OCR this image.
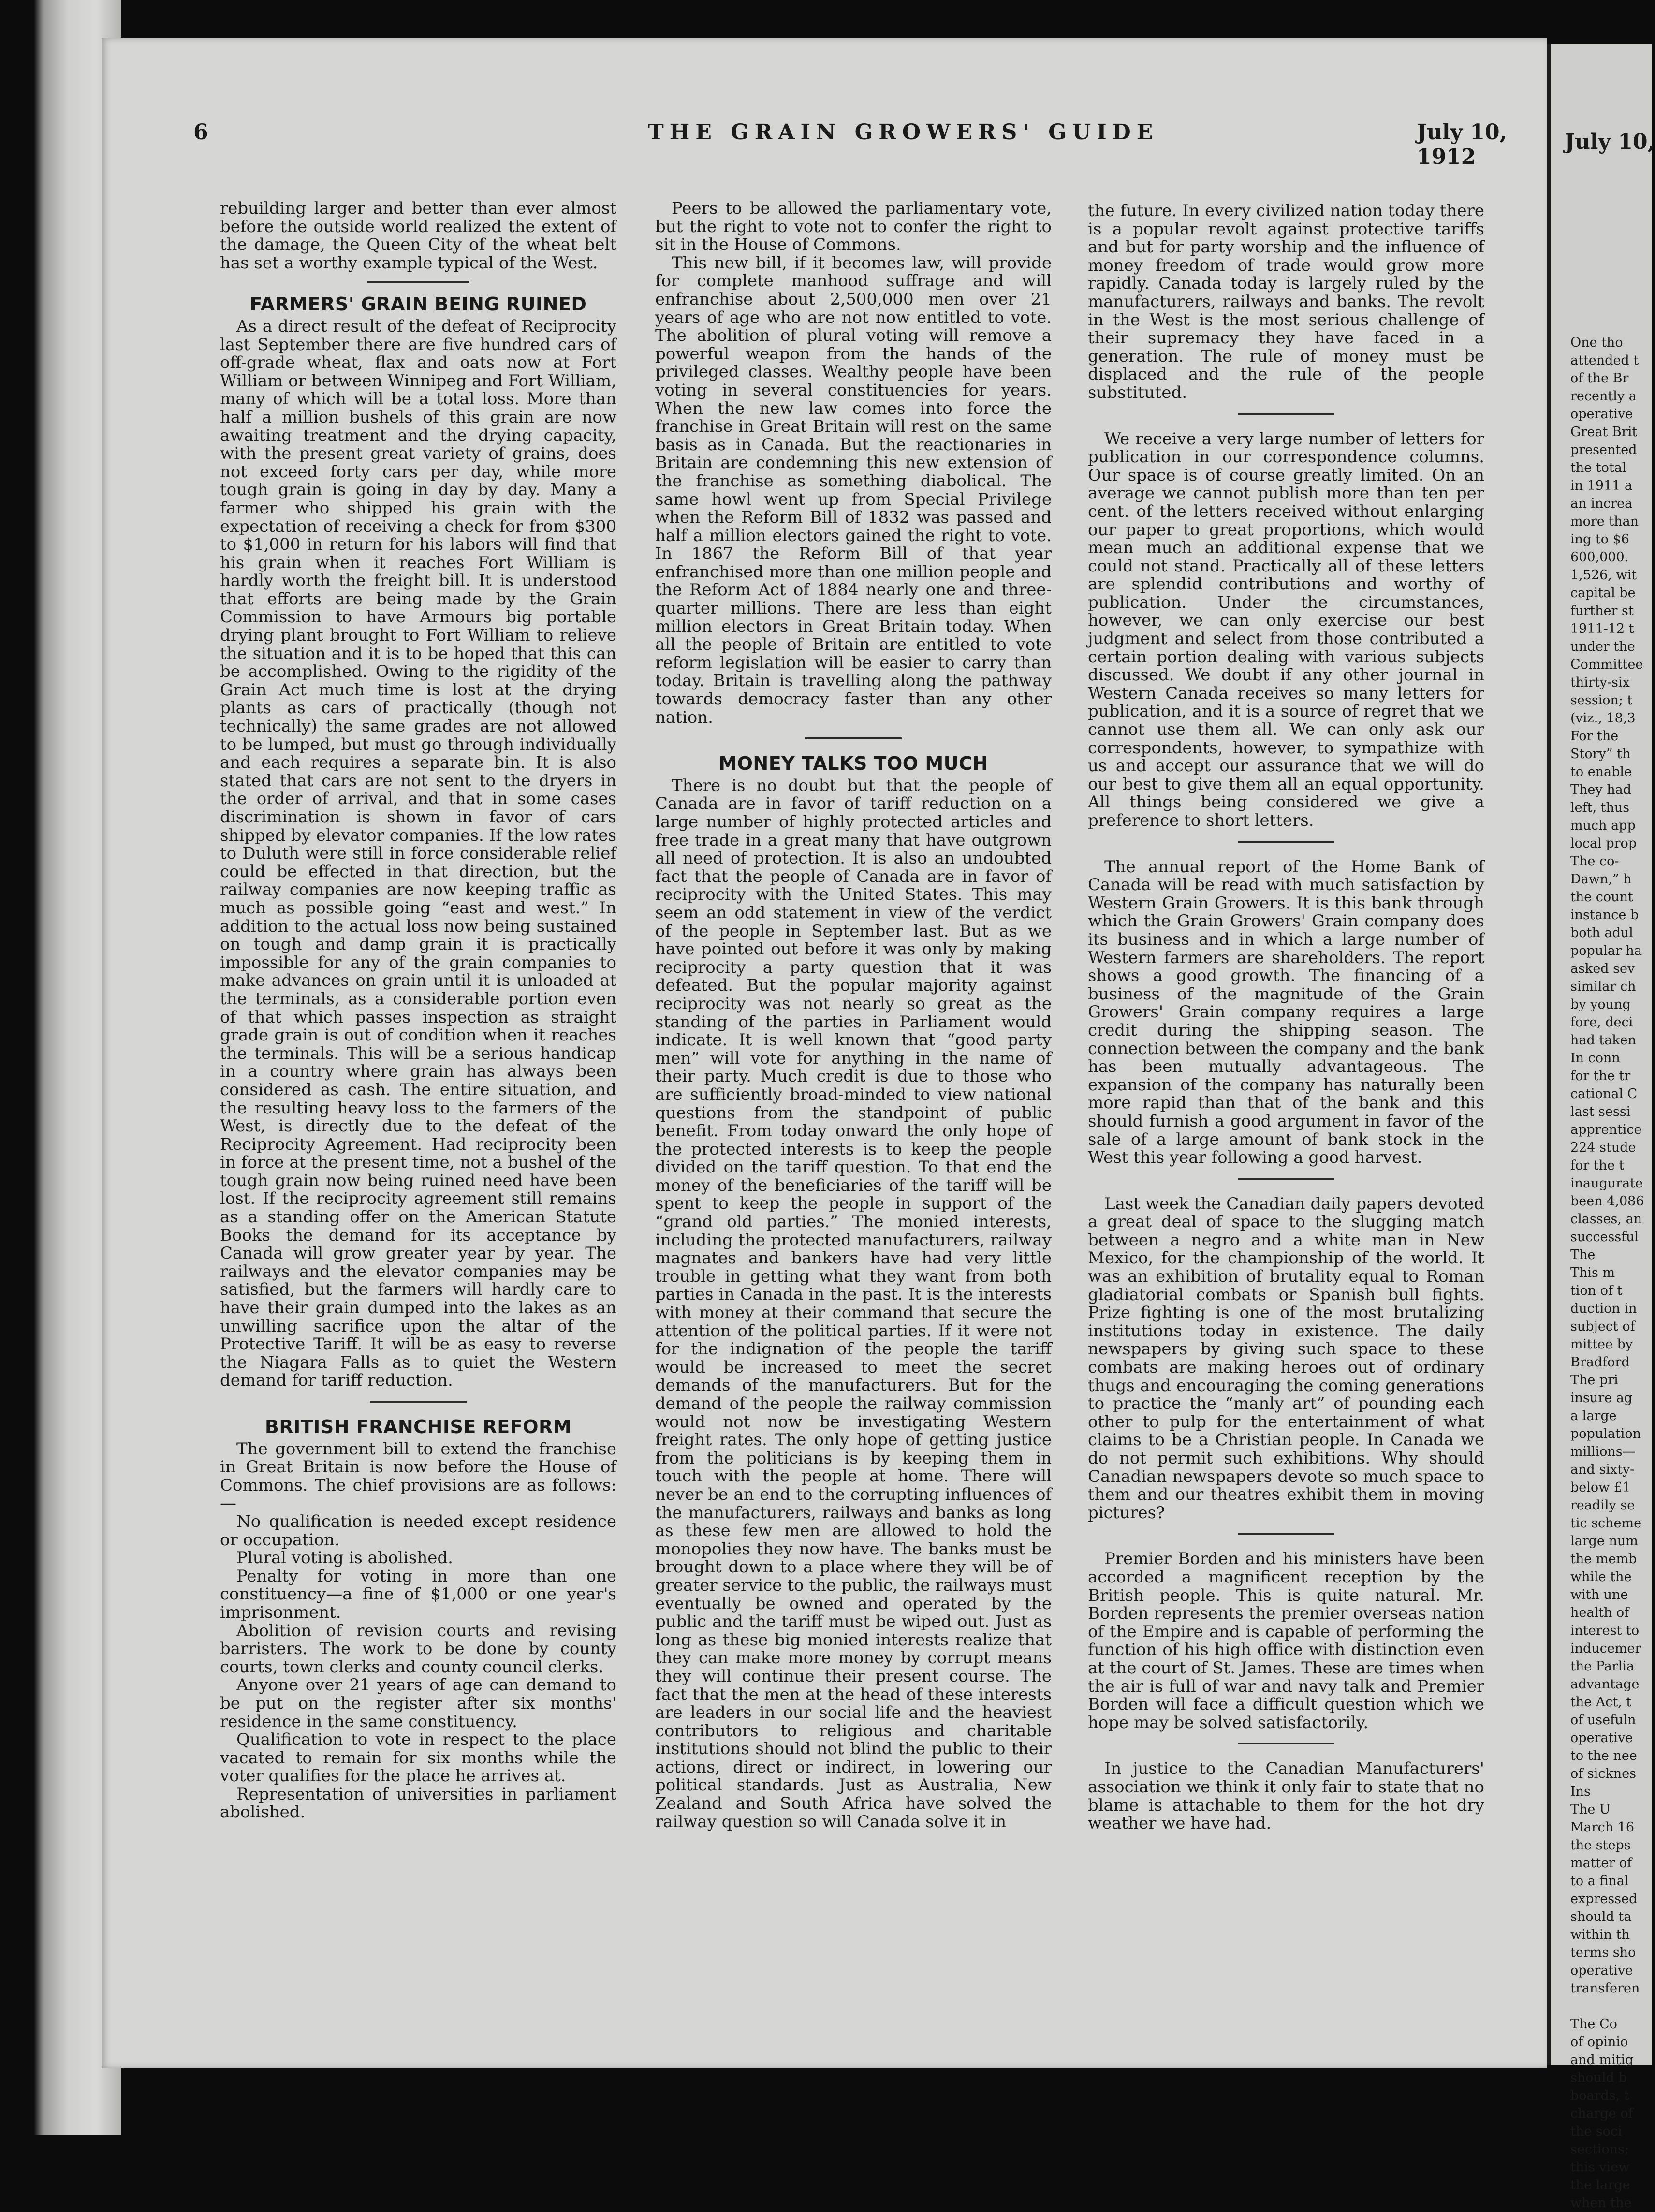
6	THE GRAIN GROWERS' GUIDE	July 10, 1912

rebuilding larger and better than ever almost before the outside world realized the extent of the damage, the Queen City of the wheat belt has set a worthy example typical of the West.

FARMERS' GRAIN BEING RUINED

As a direct result of the defeat of Reciprocity last September there are five hundred cars of off-grade wheat, flax and oats now at Fort William or between Winnipeg and Fort William, many of which will be a total loss. More than half a million bushels of this grain are now awaiting treatment and the drying capacity, with the present great variety of grains, does not exceed forty cars per day, while more tough grain is going in day by day. Many a farmer who shipped his grain with the expectation of receiving a check for from $300 to $1,000 in return for his labors will find that his grain when it reaches Fort William is hardly worth the freight bill. It is understood that efforts are being made by the Grain Commission to have Armours big portable drying plant brought to Fort William to relieve the situation and it is to be hoped that this can be accomplished. Owing to the rigidity of the Grain Act much time is lost at the drying plants as cars of practically (though not technically) the same grades are not allowed to be lumped, but must go through individually and each requires a separate bin. It is also stated that cars are not sent to the dryers in the order of arrival, and that in some cases discrimination is shown in favor of cars shipped by elevator companies. If the low rates to Duluth were still in force considerable relief could be effected in that direction, but the railway companies are now keeping traffic as much as possible going “east and west.” In addition to the actual loss now being sustained on tough and damp grain it is practically impossible for any of the grain companies to make advances on grain until it is unloaded at the terminals, as a considerable portion even of that which passes inspection as straight grade grain is out of condition when it reaches the terminals. This will be a serious handicap in a country where grain has always been considered as cash. The entire situation, and the resulting heavy loss to the farmers of the West, is directly due to the defeat of the Reciprocity Agreement. Had reciprocity been in force at the present time, not a bushel of the tough grain now being ruined need have been lost. If the reciprocity agreement still remains as a standing offer on the American Statute Books the demand for its acceptance by Canada will grow greater year by year. The railways and the elevator companies may be satisfied, but the farmers will hardly care to have their grain dumped into the lakes as an unwilling sacrifice upon the altar of the Protective Tariff. It will be as easy to reverse the Niagara Falls as to quiet the Western demand for tariff reduction.

BRITISH FRANCHISE REFORM

The government bill to extend the franchise in Great Britain is now before the House of Commons. The chief provisions are as follows:—

No qualification is needed except residence or occupation.

Plural voting is abolished.

Penalty for voting in more than one constituency—a fine of $1,000 or one year's imprisonment.

Abolition of revision courts and revising barristers. The work to be done by county courts, town clerks and county council clerks.

Anyone over 21 years of age can demand to be put on the register after six months' residence in the same constituency.

Qualification to vote in respect to the place vacated to remain for six months while the voter qualifies for the place he arrives at.

Representation of universities in parliament abolished.

Peers to be allowed the parliamentary vote, but the right to vote not to confer the right to sit in the House of Commons.

This new bill, if it becomes law, will provide for complete manhood suffrage and will enfranchise about 2,500,000 men over 21 years of age who are not now entitled to vote. The abolition of plural voting will remove a powerful weapon from the hands of the privileged classes. Wealthy people have been voting in several constituencies for years. When the new law comes into force the franchise in Great Britain will rest on the same basis as in Canada. But the reactionaries in Britain are condemning this new extension of the franchise as something diabolical. The same howl went up from Special Privilege when the Reform Bill of 1832 was passed and half a million electors gained the right to vote. In 1867 the Reform Bill of that year enfranchised more than one million people and the Reform Act of 1884 nearly one and three-quarter millions. There are less than eight million electors in Great Britain today. When all the people of Britain are entitled to vote reform legislation will be easier to carry than today. Britain is travelling along the pathway towards democracy faster than any other nation.

MONEY TALKS TOO MUCH

There is no doubt but that the people of Canada are in favor of tariff reduction on a large number of highly protected articles and free trade in a great many that have outgrown all need of protection. It is also an undoubted fact that the people of Canada are in favor of reciprocity with the United States. This may seem an odd statement in view of the verdict of the people in September last. But as we have pointed out before it was only by making reciprocity a party question that it was defeated. But the popular majority against reciprocity was not nearly so great as the standing of the parties in Parliament would indicate. It is well known that “good party men” will vote for anything in the name of their party. Much credit is due to those who are sufficiently broad-minded to view national questions from the standpoint of public benefit. From today onward the only hope of the protected interests is to keep the people divided on the tariff question. To that end the money of the beneficiaries of the tariff will be spent to keep the people in support of the “grand old parties.” The monied interests, including the protected manufacturers, railway magnates and bankers have had very little trouble in getting what they want from both parties in Canada in the past. It is the interests with money at their command that secure the attention of the political parties. If it were not for the indignation of the people the tariff would be increased to meet the secret demands of the manufacturers. But for the demand of the people the railway commission would not now be investigating Western freight rates. The only hope of getting justice from the politicians is by keeping them in touch with the people at home. There will never be an end to the corrupting influences of the manufacturers, railways and banks as long as these few men are allowed to hold the monopolies they now have. The banks must be brought down to a place where they will be of greater service to the public, the railways must eventually be owned and operated by the public and the tariff must be wiped out. Just as long as these big monied interests realize that they can make more money by corrupt means they will continue their present course. The fact that the men at the head of these interests are leaders in our social life and the heaviest contributors to religious and charitable institutions should not blind the public to their actions, direct or indirect, in lowering our political standards. Just as Australia, New Zealand and South Africa have solved the railway question so will Canada solve it in

the future. In every civilized nation today there is a popular revolt against protective tariffs and but for party worship and the influence of money freedom of trade would grow more rapidly. Canada today is largely ruled by the manufacturers, railways and banks. The revolt in the West is the most serious challenge of their supremacy they have faced in a generation. The rule of money must be displaced and the rule of the people substituted.

We receive a very large number of letters for publication in our correspondence columns. Our space is of course greatly limited. On an average we cannot publish more than ten per cent. of the letters received without enlarging our paper to great proportions, which would mean much an additional expense that we could not stand. Practically all of these letters are splendid contributions and worthy of publication. Under the circumstances, however, we can only exercise our best judgment and select from those contributed a certain portion dealing with various subjects discussed. We doubt if any other journal in Western Canada receives so many letters for publication, and it is a source of regret that we cannot use them all. We can only ask our correspondents, however, to sympathize with us and accept our assurance that we will do our best to give them all an equal opportunity. All things being considered we give a preference to short letters.

The annual report of the Home Bank of Canada will be read with much satisfaction by Western Grain Growers. It is this bank through which the Grain Growers' Grain company does its business and in which a large number of Western farmers are shareholders. The report shows a good growth. The financing of a business of the magnitude of the Grain Growers' Grain company requires a large credit during the shipping season. The connection between the company and the bank has been mutually advantageous. The expansion of the company has naturally been more rapid than that of the bank and this should furnish a good argument in favor of the sale of a large amount of bank stock in the West this year following a good harvest.

Last week the Canadian daily papers devoted a great deal of space to the slugging match between a negro and a white man in New Mexico, for the championship of the world. It was an exhibition of brutality equal to Roman gladiatorial combats or Spanish bull fights. Prize fighting is one of the most brutalizing institutions today in existence. The daily newspapers by giving such space to these combats are making heroes out of ordinary thugs and encouraging the coming generations to practice the “manly art” of pounding each other to pulp for the entertainment of what claims to be a Christian people. In Canada we do not permit such exhibitions. Why should Canadian newspapers devote so much space to them and our theatres exhibit them in moving pictures?

Premier Borden and his ministers have been accorded a magnificent reception by the British people. This is quite natural. Mr. Borden represents the premier overseas nation of the Empire and is capable of performing the function of his high office with distinction even at the court of St. James. These are times when the air is full of war and navy talk and Premier Borden will face a difficult question which we hope may be solved satisfactorily.

In justice to the Canadian Manufacturers' association we think it only fair to state that no blame is attachable to them for the hot dry weather we have had.

July 10,
One tho
attended t
of the Br
recently a
operative
Great Brit
presented
the total
in 1911 a
an increa
more than
ing to $6
600,000.
1,526, wit
capital be
further st
1911-12 t
under the
Committee
thirty-six
session; t
(viz., 18,3
For the
Story” th
to enable
They had
left, thus
much app
local prop
The co-
Dawn,” h
the count
instance b
both adul
popular ha
asked sev
similar ch
by young
fore, deci
had taken
In conn
for the tr
cational C
last sessi
apprentice
224 stude
for the t
inaugurate
been 4,086
classes, an
successful
The
This m
tion of t
duction in
subject of
mittee by
Bradford
The pri
insure ag
a large
population
millions—
and sixty-
below £1
readily se
tic scheme
large num
the memb
while the
with une
health of
interest to
inducemer
the Parlia
advantage
the Act, t
of usefuln
operative
to the nee
of sicknes
Ins
The U
March 16
the steps
matter of
to a final
expressed
should ta
within th
terms sho
operative
transferen

The Co
of opinio
and mitig
should b
boards, t
charge of
the soci
sections;
this view
the large
when the
